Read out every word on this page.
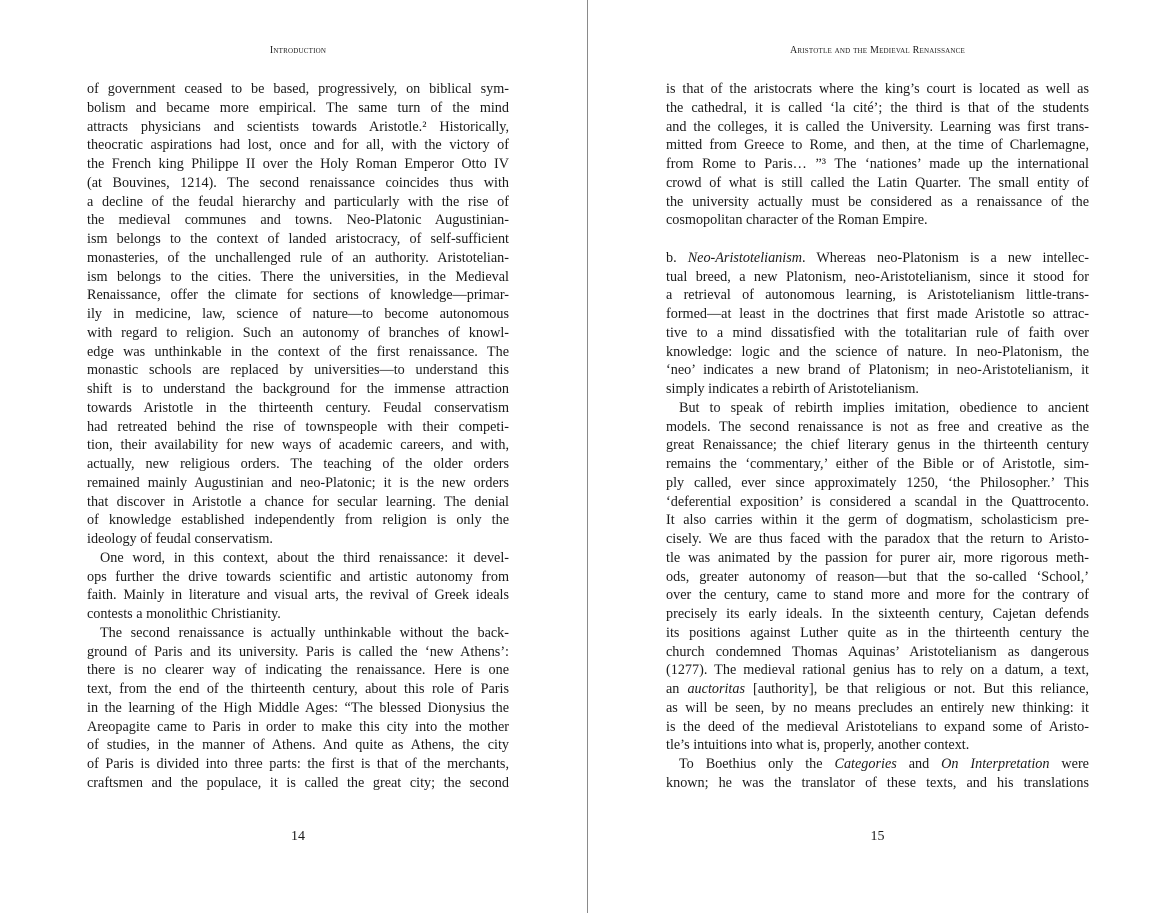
Introduction
of government ceased to be based, progressively, on biblical sym-
bolism and became more empirical. The same turn of the mind
attracts physicians and scientists towards Aristotle.² Historically,
theocratic aspirations had lost, once and for all, with the victory of
the French king Philippe II over the Holy Roman Emperor Otto IV
(at Bouvines, 1214). The second renaissance coincides thus with
a decline of the feudal hierarchy and particularly with the rise of
the medieval communes and towns. Neo-Platonic Augustinian-
ism belongs to the context of landed aristocracy, of self-sufficient
monasteries, of the unchallenged rule of an authority. Aristotelian-
ism belongs to the cities. There the universities, in the Medieval
Renaissance, offer the climate for sections of knowledge—primar-
ily in medicine, law, science of nature—to become autonomous
with regard to religion. Such an autonomy of branches of knowl-
edge was unthinkable in the context of the first renaissance. The
monastic schools are replaced by universities—to understand this
shift is to understand the background for the immense attraction
towards Aristotle in the thirteenth century. Feudal conservatism
had retreated behind the rise of townspeople with their competi-
tion, their availability for new ways of academic careers, and with,
actually, new religious orders. The teaching of the older orders
remained mainly Augustinian and neo-Platonic; it is the new orders
that discover in Aristotle a chance for secular learning. The denial
of knowledge established independently from religion is only the
ideology of feudal conservatism.
One word, in this context, about the third renaissance: it devel-
ops further the drive towards scientific and artistic autonomy from
faith. Mainly in literature and visual arts, the revival of Greek ideals
contests a monolithic Christianity.
The second renaissance is actually unthinkable without the back-
ground of Paris and its university. Paris is called the ‘new Athens’:
there is no clearer way of indicating the renaissance. Here is one
text, from the end of the thirteenth century, about this role of Paris
in the learning of the High Middle Ages: “The blessed Dionysius the
Areopagite came to Paris in order to make this city into the mother
of studies, in the manner of Athens. And quite as Athens, the city
of Paris is divided into three parts: the first is that of the merchants,
craftsmen and the populace, it is called the great city; the second
14
Aristotle and the Medieval Renaissance
is that of the aristocrats where the king’s court is located as well as
the cathedral, it is called ‘la cité’; the third is that of the students
and the colleges, it is called the University. Learning was first trans-
mitted from Greece to Rome, and then, at the time of Charlemagne,
from Rome to Paris… ”³ The ‘nationes’ made up the international
crowd of what is still called the Latin Quarter. The small entity of
the university actually must be considered as a renaissance of the
cosmopolitan character of the Roman Empire.
b. Neo-Aristotelianism. Whereas neo-Platonism is a new intellec-
tual breed, a new Platonism, neo-Aristotelianism, since it stood for
a retrieval of autonomous learning, is Aristotelianism little-trans-
formed—at least in the doctrines that first made Aristotle so attrac-
tive to a mind dissatisfied with the totalitarian rule of faith over
knowledge: logic and the science of nature. In neo-Platonism, the
‘neo’ indicates a new brand of Platonism; in neo-Aristotelianism, it
simply indicates a rebirth of Aristotelianism.
But to speak of rebirth implies imitation, obedience to ancient
models. The second renaissance is not as free and creative as the
great Renaissance; the chief literary genus in the thirteenth century
remains the ‘commentary,’ either of the Bible or of Aristotle, sim-
ply called, ever since approximately 1250, ‘the Philosopher.’ This
‘deferential exposition’ is considered a scandal in the Quattrocento.
It also carries within it the germ of dogmatism, scholasticism pre-
cisely. We are thus faced with the paradox that the return to Aristo-
tle was animated by the passion for purer air, more rigorous meth-
ods, greater autonomy of reason—but that the so-called ‘School,’
over the century, came to stand more and more for the contrary of
precisely its early ideals. In the sixteenth century, Cajetan defends
its positions against Luther quite as in the thirteenth century the
church condemned Thomas Aquinas’ Aristotelianism as dangerous
(1277). The medieval rational genius has to rely on a datum, a text,
an auctoritas [authority], be that religious or not. But this reliance,
as will be seen, by no means precludes an entirely new thinking: it
is the deed of the medieval Aristotelians to expand some of Aristo-
tle’s intuitions into what is, properly, another context.
To Boethius only the Categories and On Interpretation were
known; he was the translator of these texts, and his translations
15
